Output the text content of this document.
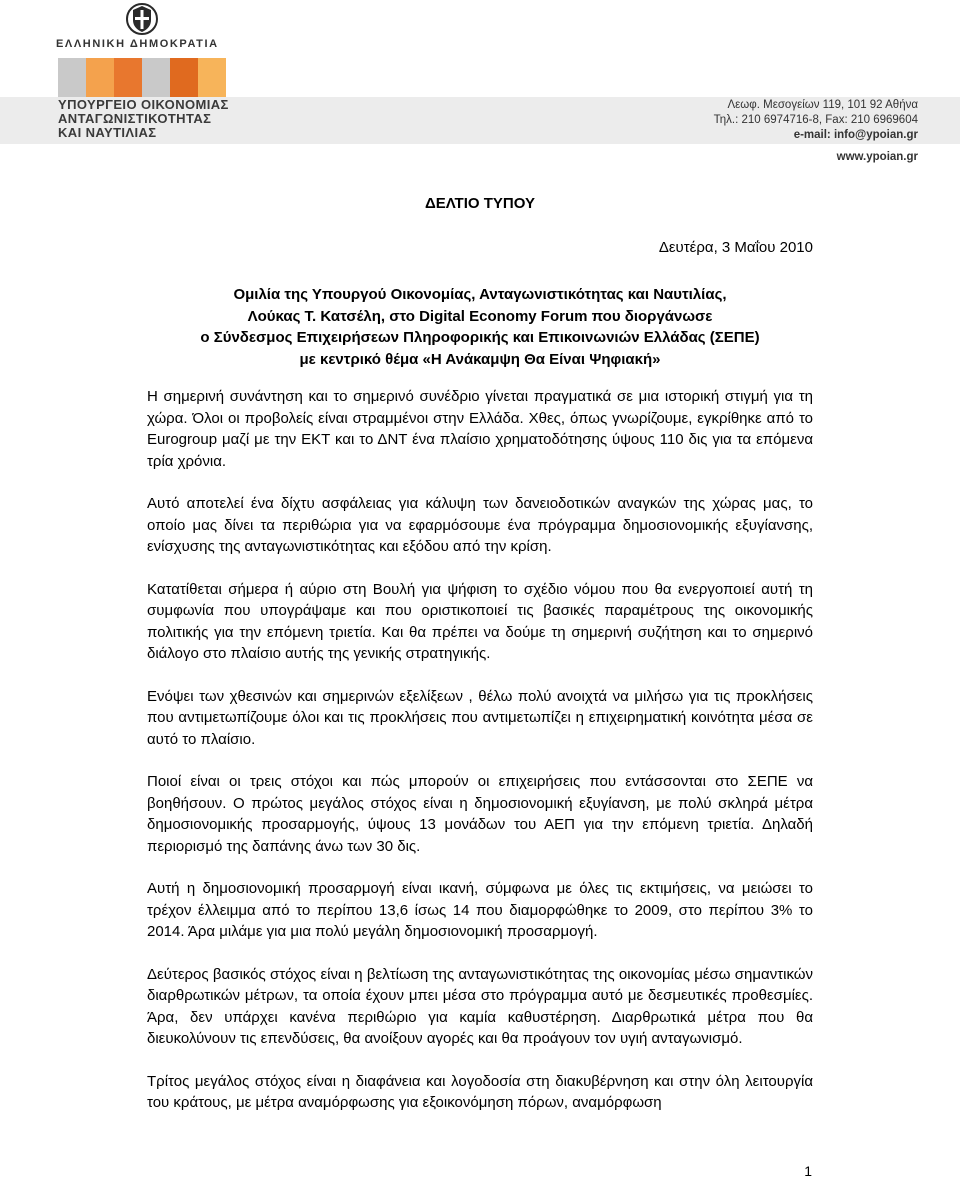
ΕΛΛΗΝΙΚΗ ΔΗΜΟΚΡΑΤΙΑ
ΥΠΟΥΡΓΕΙΟ ΟΙΚΟΝΟΜΙΑΣ
ΑΝΤΑΓΩΝΙΣΤΙΚΟΤΗΤΑΣ
ΚΑΙ ΝΑΥΤΙΛΙΑΣ
Λεωφ. Μεσογείων 119, 101 92 Αθήνα
Τηλ.: 210 6974716-8, Fax: 210 6969604
e-mail: info@ypoian.gr
www.ypoian.gr
ΔΕΛΤΙΟ ΤΥΠΟΥ
Δευτέρα, 3 Μαΐου 2010
Ομιλία της Υπουργού Οικονομίας, Ανταγωνιστικότητας και Ναυτιλίας,
Λούκας Τ. Κατσέλη, στο Digital Economy Forum που διοργάνωσε
ο Σύνδεσμος Επιχειρήσεων Πληροφορικής και Επικοινωνιών Ελλάδας (ΣΕΠΕ)
με κεντρικό θέμα «Η Ανάκαμψη Θα Είναι Ψηφιακή»

Η σημερινή συνάντηση και το σημερινό συνέδριο γίνεται πραγματικά σε μια ιστορική στιγμή για τη χώρα. Όλοι οι προβολείς είναι στραμμένοι στην Ελλάδα. Χθες, όπως γνωρίζουμε, εγκρίθηκε από το Eurogroup μαζί με την ΕΚΤ και το ΔΝΤ ένα πλαίσιο χρηματοδότησης ύψους 110 δις για τα επόμενα τρία χρόνια.

Αυτό αποτελεί ένα δίχτυ ασφάλειας για κάλυψη των δανειοδοτικών αναγκών της χώρας μας, το οποίο μας δίνει τα περιθώρια για να εφαρμόσουμε ένα πρόγραμμα δημοσιονομικής εξυγίανσης, ενίσχυσης της ανταγωνιστικότητας και εξόδου από την κρίση.

Κατατίθεται σήμερα ή αύριο στη Βουλή για ψήφιση το σχέδιο νόμου που θα ενεργοποιεί αυτή τη συμφωνία που υπογράψαμε και που οριστικοποιεί τις βασικές παραμέτρους της οικονομικής πολιτικής για την επόμενη τριετία. Και θα πρέπει να δούμε τη σημερινή συζήτηση και το σημερινό διάλογο στο πλαίσιο αυτής της γενικής στρατηγικής.

Ενόψει των χθεσινών και σημερινών εξελίξεων , θέλω πολύ ανοιχτά να μιλήσω για τις προκλήσεις που αντιμετωπίζουμε όλοι και τις προκλήσεις που αντιμετωπίζει η επιχειρηματική κοινότητα μέσα σε αυτό το πλαίσιο.

Ποιοί είναι οι τρεις στόχοι και πώς μπορούν οι επιχειρήσεις που εντάσσονται στο ΣΕΠΕ να βοηθήσουν. Ο πρώτος μεγάλος στόχος είναι η δημοσιονομική εξυγίανση, με πολύ σκληρά μέτρα δημοσιονομικής προσαρμογής, ύψους 13 μονάδων του ΑΕΠ για την επόμενη τριετία. Δηλαδή περιορισμό της δαπάνης άνω των 30 δις.

Αυτή η δημοσιονομική προσαρμογή είναι ικανή, σύμφωνα με όλες τις εκτιμήσεις, να μειώσει το τρέχον έλλειμμα από το περίπου 13,6 ίσως 14 που διαμορφώθηκε το 2009, στο περίπου 3% το 2014. Άρα μιλάμε για μια πολύ μεγάλη δημοσιονομική προσαρμογή.

Δεύτερος βασικός στόχος είναι η βελτίωση της ανταγωνιστικότητας της οικονομίας μέσω σημαντικών διαρθρωτικών μέτρων, τα οποία έχουν μπει μέσα στο πρόγραμμα αυτό με δεσμευτικές προθεσμίες. Άρα, δεν υπάρχει κανένα περιθώριο για καμία καθυστέρηση. Διαρθρωτικά μέτρα που θα διευκολύνουν τις επενδύσεις, θα ανοίξουν αγορές και θα προάγουν τον υγιή ανταγωνισμό.

Τρίτος μεγάλος στόχος είναι η διαφάνεια και λογοδοσία στη διακυβέρνηση και στην όλη λειτουργία του κράτους, με μέτρα αναμόρφωσης για εξοικονόμηση πόρων, αναμόρφωση

1
